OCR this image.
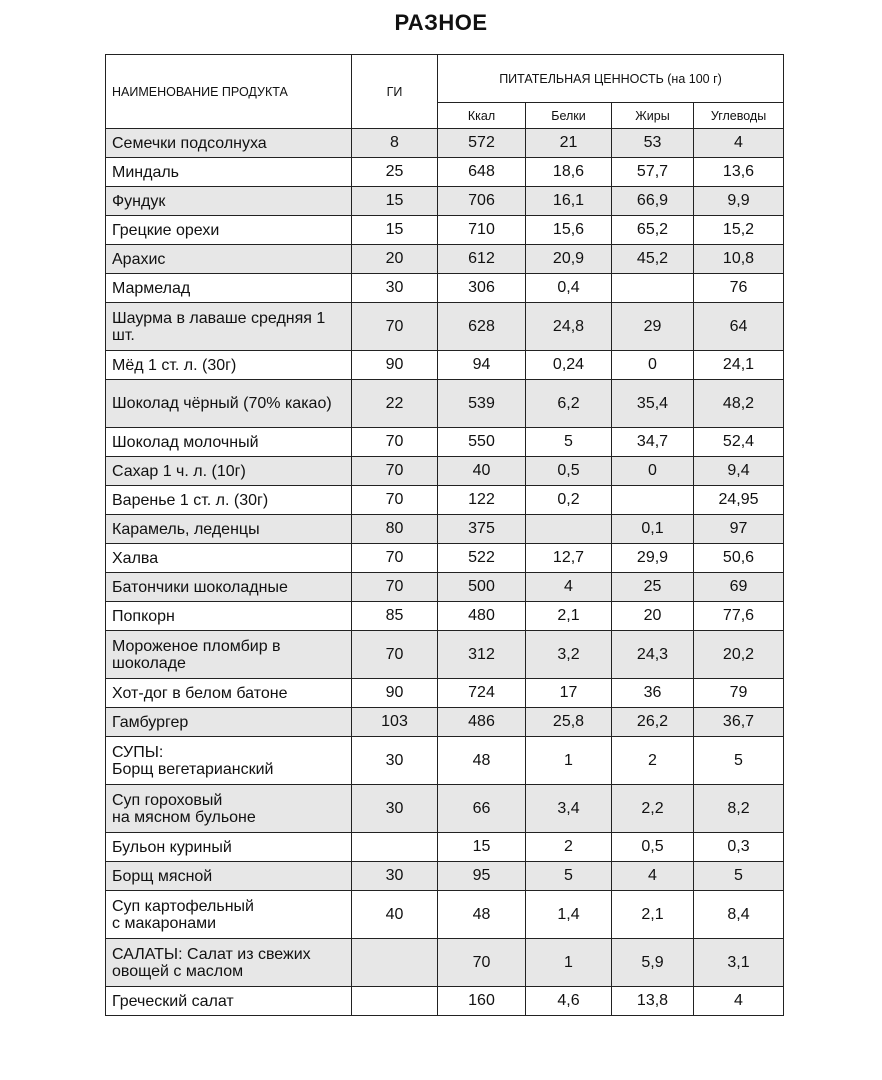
РАЗНОЕ
НАИМЕНОВАНИЕ ПРОДУКТА	ГИ	ПИТАТЕЛЬНАЯ ЦЕННОСТЬ (на 100 г)			
		Ккал	Белки	Жиры	Углеводы
Семечки подсолнуха	8	572	21	53	4
Миндаль	25	648	18,6	57,7	13,6
Фундук	15	706	16,1	66,9	9,9
Грецкие орехи	15	710	15,6	65,2	15,2
Арахис	20	612	20,9	45,2	10,8
Мармелад	30	306	0,4		76
Шаурма в лаваше средняя 1 шт.	70	628	24,8	29	64
Мёд 1 ст. л. (30г)	90	94	0,24	0	24,1
Шоколад чёрный (70% какао)	22	539	6,2	35,4	48,2
Шоколад молочный	70	550	5	34,7	52,4
Сахар 1 ч. л. (10г)	70	40	0,5	0	9,4
Варенье 1 ст. л. (30г)	70	122	0,2		24,95
Карамель, леденцы	80	375		0,1	97
Халва	70	522	12,7	29,9	50,6
Батончики шоколадные	70	500	4	25	69
Попкорн	85	480	2,1	20	77,6
Мороженое пломбир в шоколаде	70	312	3,2	24,3	20,2
Хот-дог в белом батоне	90	724	17	36	79
Гамбургер	103	486	25,8	26,2	36,7
СУПЫ:
Борщ вегетарианский	30	48	1	2	5
Суп гороховый
на мясном бульоне	30	66	3,4	2,2	8,2
Бульон куриный		15	2	0,5	0,3
Борщ мясной	30	95	5	4	5
Суп картофельный
с макаронами	40	48	1,4	2,1	8,4
САЛАТЫ: Салат из свежих овощей с маслом		70	1	5,9	3,1
Греческий салат		160	4,6	13,8	4
